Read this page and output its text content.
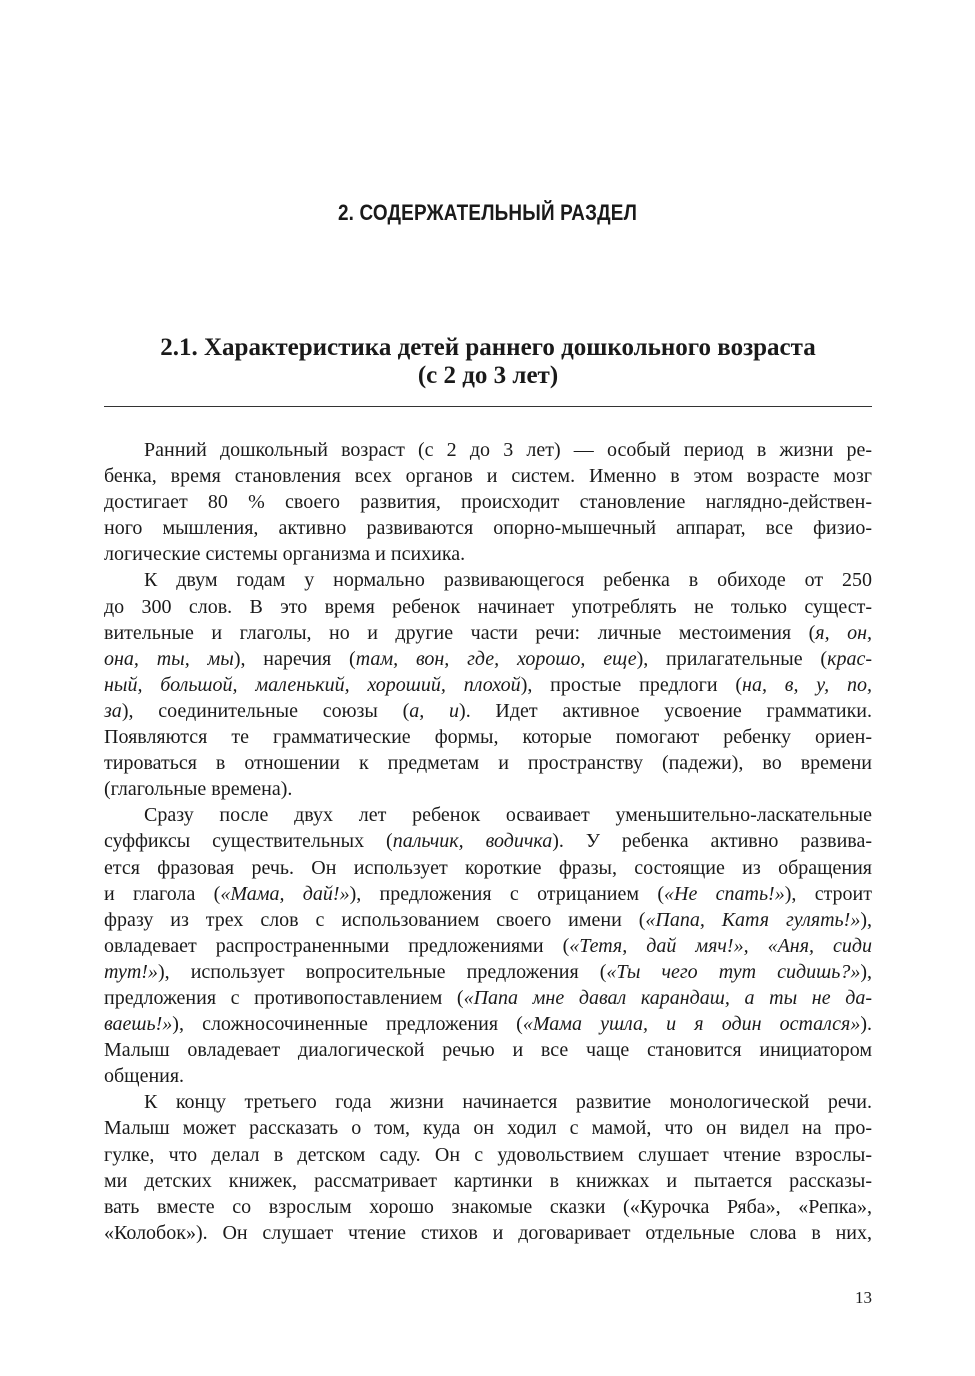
2. СОДЕРЖАТЕЛЬНЫЙ РАЗДЕЛ
2.1. Характеристика детей раннего дошкольного возраста
(с 2 до 3 лет)
Ранний дошкольный возраст (с 2 до 3 лет) — особый период в жизни ре-
бенка, время становления всех органов и систем. Именно в этом возрасте мозг
достигает 80 % своего развития, происходит становление наглядно-действен-
ного мышления, активно развиваются опорно-мышечный аппарат, все физио-
логические системы организма и психика.
К двум годам у нормально развивающегося ребенка в обиходе от 250
до 300 слов. В это время ребенок начинает употреблять не только сущест-
вительные и глаголы, но и другие части речи: личные местоимения (я, он,
она, ты, мы), наречия (там, вон, где, хорошо, еще), прилагательные (крас-
ный, большой, маленький, хороший, плохой), простые предлоги (на, в, у, по,
за), соединительные союзы (а, и). Идет активное усвоение грамматики.
Появляются те грамматические формы, которые помогают ребенку ориен-
тироваться в отношении к предметам и пространству (падежи), во времени
(глагольные времена).
Сразу после двух лет ребенок осваивает уменьшительно-ласкательные
суффиксы существительных (пальчик, водичка). У ребенка активно развива-
ется фразовая речь. Он использует короткие фразы, состоящие из обращения
и глагола («Мама, дай!»), предложения с отрицанием («Не спать!»), строит
фразу из трех слов с использованием своего имени («Папа, Катя гулять!»),
овладевает распространенными предложениями («Тетя, дай мяч!», «Аня, сиди
тут!»), использует вопросительные предложения («Ты чего тут сидишь?»),
предложения с противопоставлением («Папа мне давал карандаш, а ты не да-
ваешь!»), сложносочиненные предложения («Мама ушла, и я один остался»).
Малыш овладевает диалогической речью и все чаще становится инициатором
общения.
К концу третьего года жизни начинается развитие монологической речи.
Малыш может рассказать о том, куда он ходил с мамой, что он видел на про-
гулке, что делал в детском саду. Он с удовольствием слушает чтение взрослы-
ми детских книжек, рассматривает картинки в книжках и пытается рассказы-
вать вместе со взрослым хорошо знакомые сказки («Курочка Ряба», «Репка»,
«Колобок»). Он слушает чтение стихов и договаривает отдельные слова в них,
13
